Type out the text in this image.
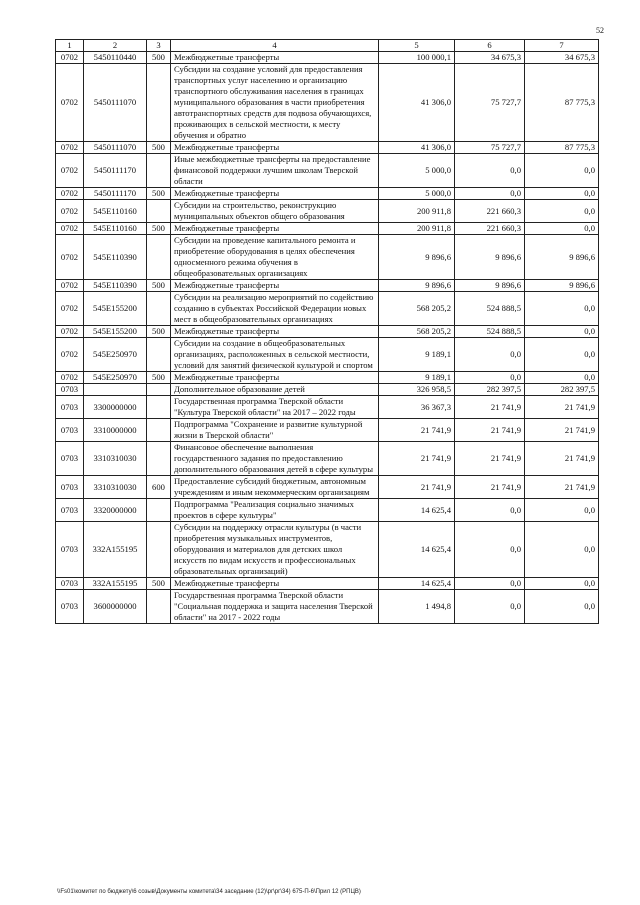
52
1	2	3	4	5	6	7
0702	5450110440	500	Межбюджетные трансферты	100 000,1	34 675,3	34 675,3
0702	5450111070		Субсидии на создание условий для предоставления транспортных услуг населению и организацию транспортного обслуживания населения в границах муниципального образования в части приобретения автотранспортных средств для подвоза обучающихся, проживающих в сельской местности, к месту обучения и обратно	41 306,0	75 727,7	87 775,3
0702	5450111070	500	Межбюджетные трансферты	41 306,0	75 727,7	87 775,3
0702	5450111170		Иные межбюджетные трансферты на предоставление финансовой поддержки лучшим школам Тверской области	5 000,0	0,0	0,0
0702	5450111170	500	Межбюджетные трансферты	5 000,0	0,0	0,0
0702	545E110160		Субсидии на строительство, реконструкцию муниципальных объектов общего образования	200 911,8	221 660,3	0,0
0702	545E110160	500	Межбюджетные трансферты	200 911,8	221 660,3	0,0
0702	545E110390		Субсидии на проведение капитального ремонта и приобретение оборудования в целях обеспечения односменного режима обучения в общеобразовательных организациях	9 896,6	9 896,6	9 896,6
0702	545E110390	500	Межбюджетные трансферты	9 896,6	9 896,6	9 896,6
0702	545E155200		Субсидии на реализацию мероприятий по содействию созданию в субъектах Российской Федерации новых мест в общеобразовательных организациях	568 205,2	524 888,5	0,0
0702	545E155200	500	Межбюджетные трансферты	568 205,2	524 888,5	0,0
0702	545E250970		Субсидии на создание в общеобразовательных организациях, расположенных в сельской местности, условий для занятий физической культурой и спортом	9 189,1	0,0	0,0
0702	545E250970	500	Межбюджетные трансферты	9 189,1	0,0	0,0
0703			Дополнительное образование детей	326 958,5	282 397,5	282 397,5
0703	3300000000		Государственная программа Тверской области "Культура Тверской области" на 2017 – 2022 годы	36 367,3	21 741,9	21 741,9
0703	3310000000		Подпрограмма "Сохранение и развитие культурной жизни в Тверской области"	21 741,9	21 741,9	21 741,9
0703	3310310030		Финансовое обеспечение выполнения государственного задания по предоставлению дополнительного образования детей в сфере культуры	21 741,9	21 741,9	21 741,9
0703	3310310030	600	Предоставление субсидий бюджетным, автономным учреждениям и иным некоммерческим организациям	21 741,9	21 741,9	21 741,9
0703	3320000000		Подпрограмма "Реализация социально значимых проектов в сфере культуры"	14 625,4	0,0	0,0
0703	332A155195		Субсидии на поддержку отрасли культуры (в части приобретения музыкальных инструментов, оборудования и материалов для детских школ искусств по видам искусств и профессиональных образовательных организаций)	14 625,4	0,0	0,0
0703	332A155195	500	Межбюджетные трансферты	14 625,4	0,0	0,0
0703	3600000000		Государственная программа Тверской области "Социальная поддержка и защита населения Тверской области" на 2017 - 2022 годы	1 494,8	0,0	0,0
\\Fs01\комитет по бюджету\6 созыв\Документы комитета\34 заседание (12)\рг\рг\34) 675-П-6\Прил 12 (РПЦВ)
